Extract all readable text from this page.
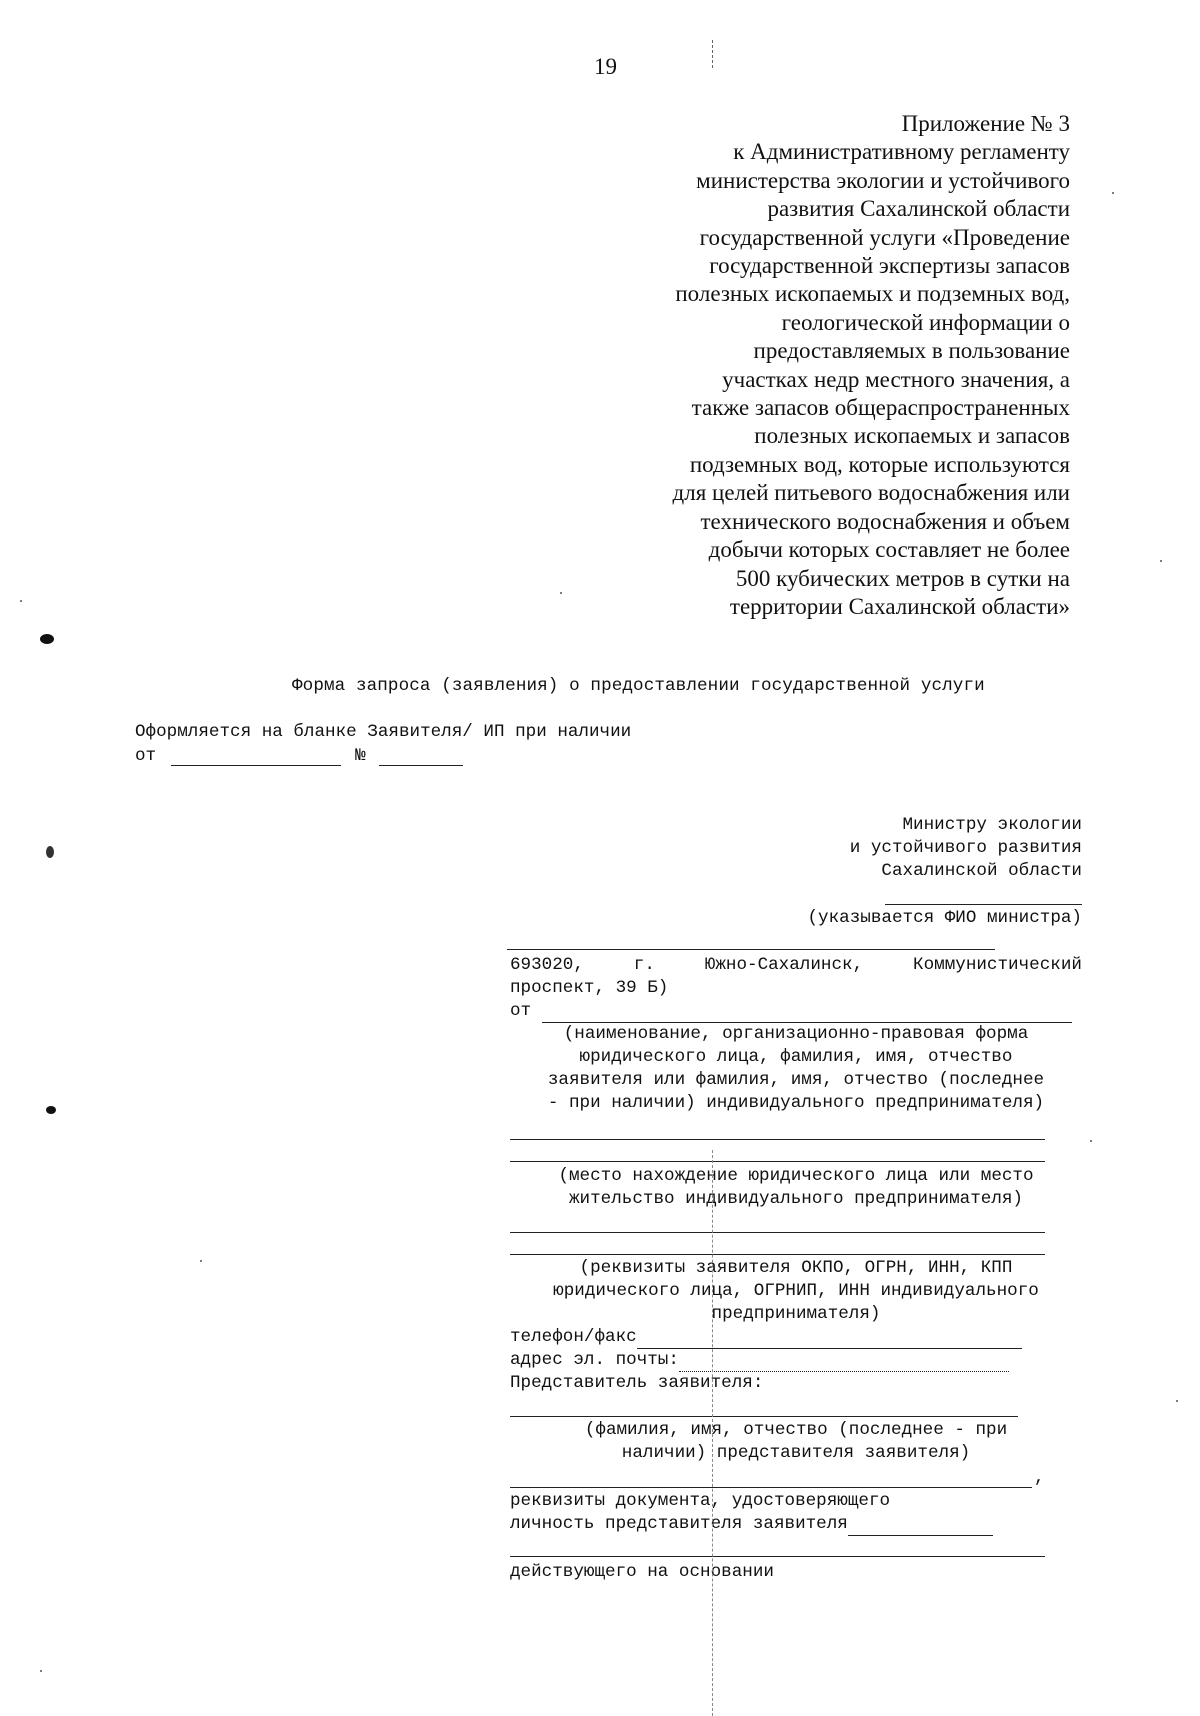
19
Приложение № 3
к Административному регламенту
министерства экологии и устойчивого
развития Сахалинской области
государственной услуги «Проведение
государственной экспертизы запасов
полезных ископаемых и подземных вод,
геологической информации о
предоставляемых в пользование
участках недр местного значения, а
также запасов общераспространенных
полезных ископаемых и запасов
подземных вод, которые используются
для целей питьевого водоснабжения или
технического водоснабжения и объем
добычи которых составляет не более
500 кубических метров в сутки на
территории Сахалинской области»
Форма запроса (заявления) о предоставлении государственной услуги
Оформляется на бланке Заявителя/ ИП при наличии
от	№
Министру экологии
и устойчивого развития
Сахалинской области
(указывается ФИО министра)
693020,	г.	Южно-Сахалинск,	Коммунистический
проспект, 39 Б)
от
(наименование, организационно-правовая форма
юридического лица, фамилия, имя, отчество
заявителя или фамилия, имя, отчество (последнее
- при наличии) индивидуального предпринимателя)
(место нахождение юридического лица или место
жительство индивидуального предпринимателя)
(реквизиты заявителя ОКПО, ОГРН, ИНН, КПП
юридического лица, ОГРНИП, ИНН индивидуального
предпринимателя)
телефон/факс
адрес эл. почты:
Представитель заявителя:
(фамилия, имя, отчество (последнее - при
наличии) представителя заявителя)
,
реквизиты документа, удостоверяющего
личность представителя заявителя
действующего на основании
